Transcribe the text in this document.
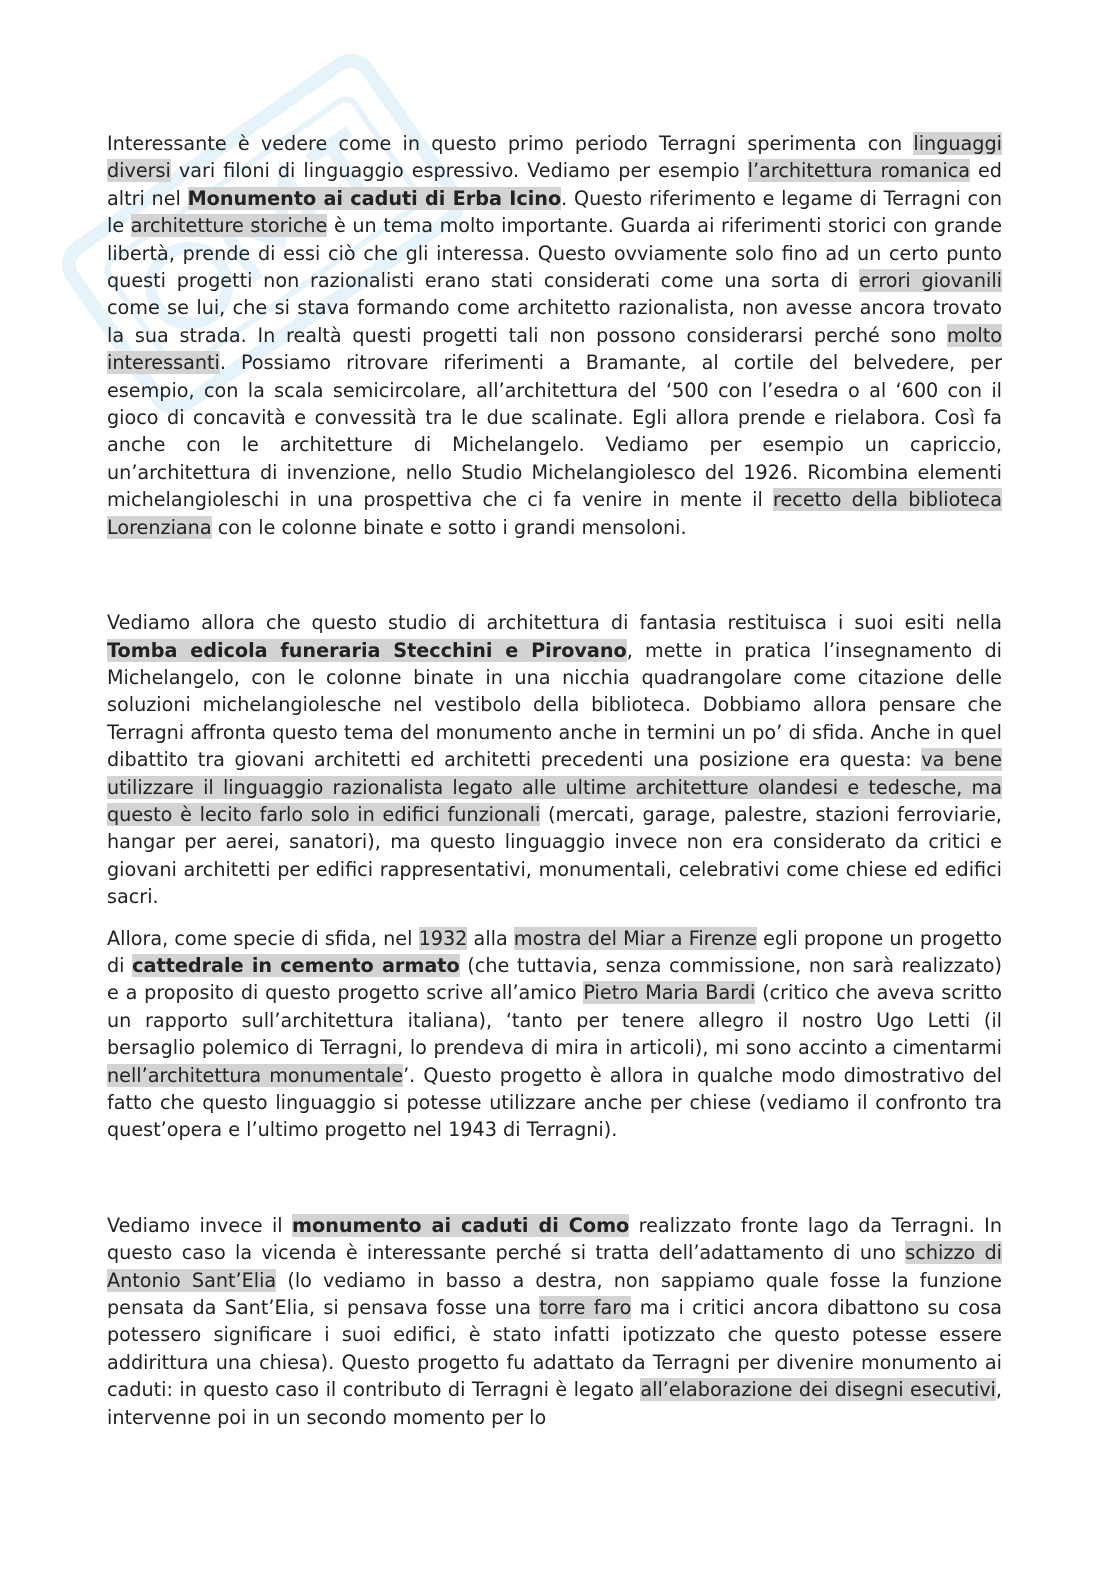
Interessante è vedere come in questo primo periodo Terragni sperimenta con linguaggi diversi vari filoni di linguaggio espressivo. Vediamo per esempio l’architettura romanica ed altri nel Monumento ai caduti di Erba Icino. Questo riferimento e legame di Terragni con le architetture storiche è un tema molto importante. Guarda ai riferimenti storici con grande libertà, prende di essi ciò che gli interessa. Questo ovviamente solo fino ad un certo punto questi progetti non razionalisti erano stati considerati come una sorta di errori giovanili come se lui, che si stava formando come architetto razionalista, non avesse ancora trovato la sua strada. In realtà questi progetti tali non possono considerarsi perché sono molto interessanti. Possiamo ritrovare riferimenti a Bramante, al cortile del belvedere, per esempio, con la scala semicircolare, all’architettura del ‘500 con l’esedra o al ‘600 con il gioco di concavità e convessità tra le due scalinate. Egli allora prende e rielabora. Così fa anche con le architetture di Michelangelo. Vediamo per esempio un capriccio, un’architettura di invenzione, nello Studio Michelangiolesco del 1926. Ricombina elementi michelangioleschi in una prospettiva che ci fa venire in mente il recetto della biblioteca Lorenziana con le colonne binate e sotto i grandi mensoloni.

Vediamo allora che questo studio di architettura di fantasia restituisca i suoi esiti nella Tomba edicola funeraria Stecchini e Pirovano, mette in pratica l’insegnamento di Michelangelo, con le colonne binate in una nicchia quadrangolare come citazione delle soluzioni michelangiolesche nel vestibolo della biblioteca. Dobbiamo allora pensare che Terragni affronta questo tema del monumento anche in termini un po’ di sfida. Anche in quel dibattito tra giovani architetti ed architetti precedenti una posizione era questa: va bene utilizzare il linguaggio razionalista legato alle ultime architetture olandesi e tedesche, ma questo è lecito farlo solo in edifici funzionali (mercati, garage, palestre, stazioni ferroviarie, hangar per aerei, sanatori), ma questo linguaggio invece non era considerato da critici e giovani architetti per edifici rappresentativi, monumentali, celebrativi come chiese ed edifici sacri.

Allora, come specie di sfida, nel 1932 alla mostra del Miar a Firenze egli propone un progetto di cattedrale in cemento armato (che tuttavia, senza commissione, non sarà realizzato) e a proposito di questo progetto scrive all’amico Pietro Maria Bardi (critico che aveva scritto un rapporto sull’architettura italiana), ‘tanto per tenere allegro il nostro Ugo Letti (il bersaglio polemico di Terragni, lo prendeva di mira in articoli), mi sono accinto a cimentarmi nell’architettura monumentale’. Questo progetto è allora in qualche modo dimostrativo del fatto che questo linguaggio si potesse utilizzare anche per chiese (vediamo il confronto tra quest’opera e l’ultimo progetto nel 1943 di Terragni).

Vediamo invece il monumento ai caduti di Como realizzato fronte lago da Terragni. In questo caso la vicenda è interessante perché si tratta dell’adattamento di uno schizzo di Antonio Sant’Elia (lo vediamo in basso a destra, non sappiamo quale fosse la funzione pensata da Sant’Elia, si pensava fosse una torre faro ma i critici ancora dibattono su cosa potessero significare i suoi edifici, è stato infatti ipotizzato che questo potesse essere addirittura una chiesa). Questo progetto fu adattato da Terragni per divenire monumento ai caduti: in questo caso il contributo di Terragni è legato all’elaborazione dei disegni esecutivi, intervenne poi in un secondo momento per lo
